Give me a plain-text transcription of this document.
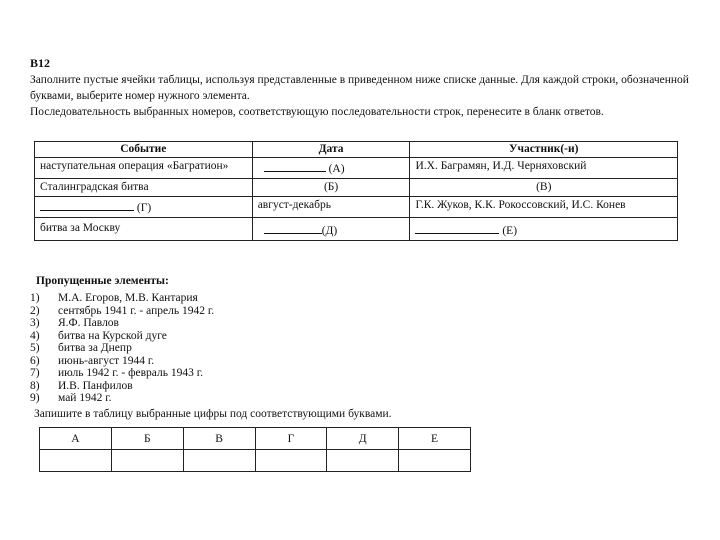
В12

Заполните пустые ячейки таблицы, используя представленные в приведенном ниже списке данные. Для каждой строки, обозначенной буквами, выберите номер нужного элемента.

Последовательность выбранных номеров, соответствующую последовательности строк, перенесите в бланк ответов.

Событие	Дата	Участник(-и)
наступательная операция «Багратион»	(А)	И.Х. Баграмян, И.Д. Черняховский
Сталинградская битва	(Б)	(В)
(Г)	август-декабрь	Г.К. Жуков, К.К. Рокоссовский, И.С. Конев
битва за Москву	(Д)	(Е)
Пропущенные элементы:
1)	М.А. Егоров, М.В. Кантария
2)	сентябрь 1941 г. - апрель 1942 г.
3)	Я.Ф. Павлов
4)	битва на Курской дуге
5)	битва за Днепр
6)	июнь-август 1944 г.
7)	июль 1942 г. - февраль 1943 г.
8)	И.В. Панфилов
9)	май 1942 г.
Запишите в таблицу выбранные цифры под соответствующими буквами.
А	Б	В	Г	Д	Е
